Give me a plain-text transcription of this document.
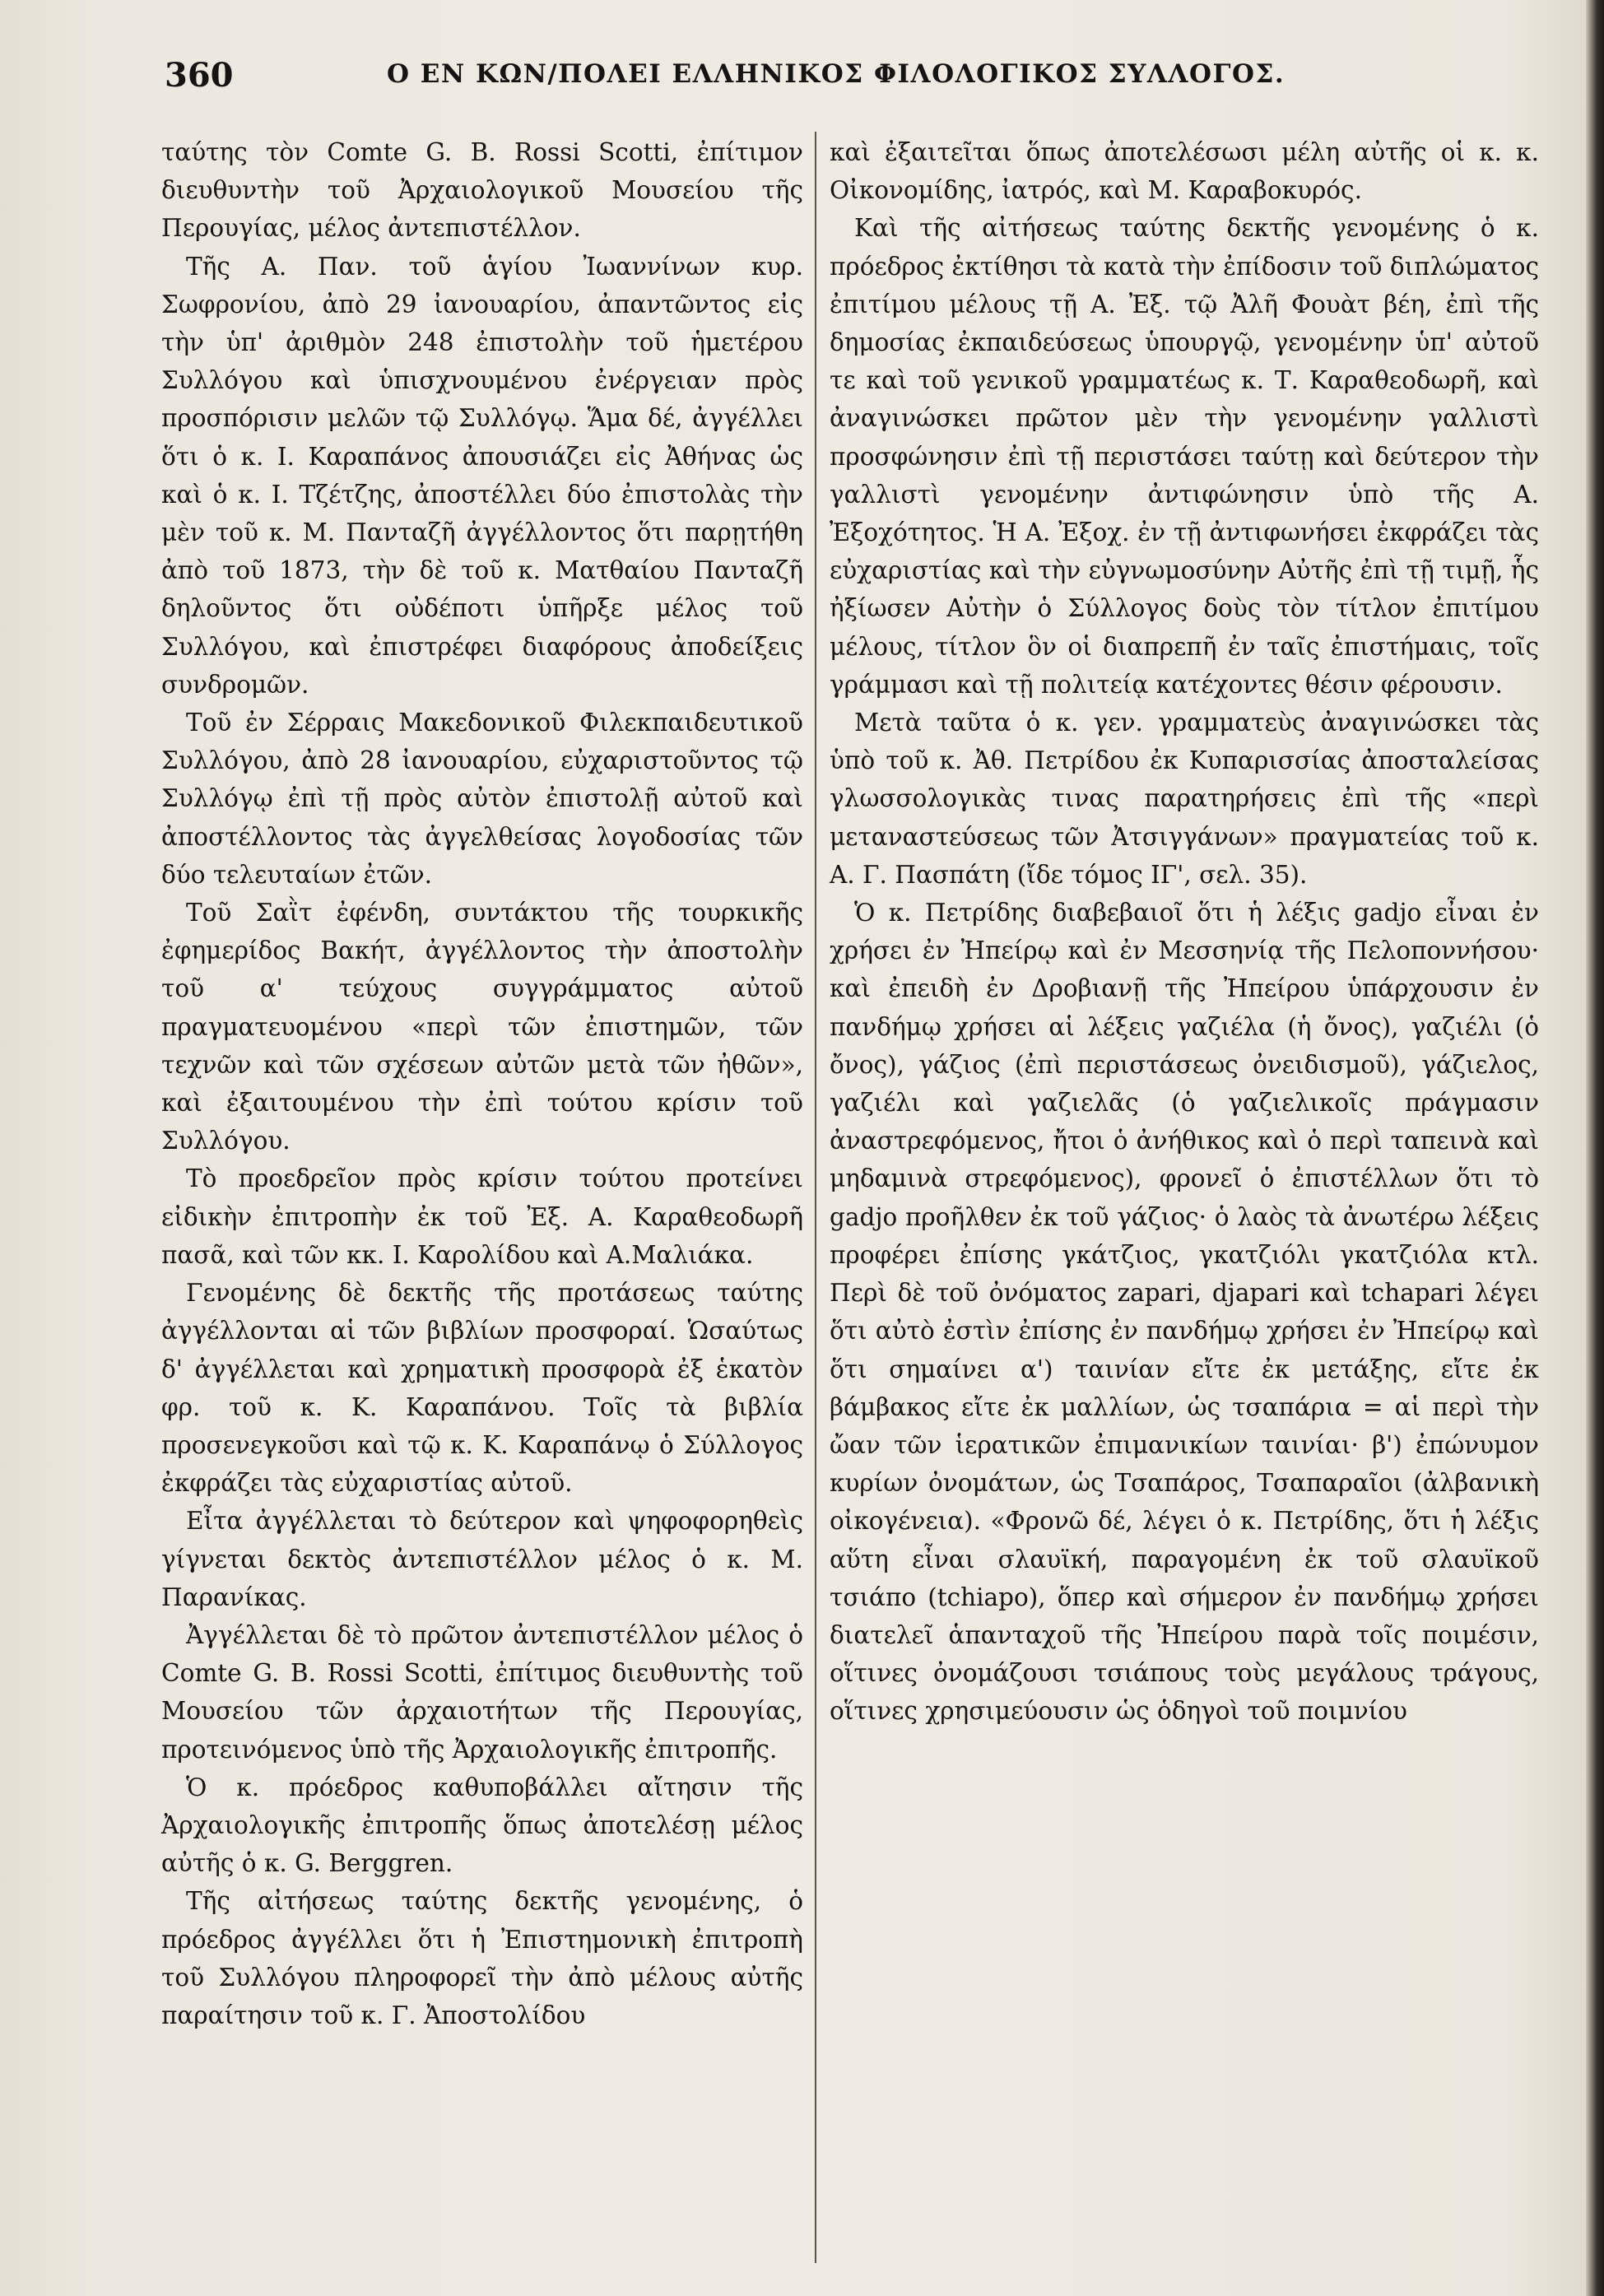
360	Ο ΕΝ ΚΩΝ/ΠΟΛΕΙ ΕΛΛΗΝΙΚΟΣ ΦΙΛΟΛΟΓΙΚΟΣ ΣΥΛΛΟΓΟΣ.

ταύτης τὸν Comte G. B. Rossi Scotti, ἐπίτιμον διευθυντὴν τοῦ Ἀρχαιολογικοῦ Μουσείου τῆς Περουγίας, μέλος ἀντεπιστέλλον.

Τῆς Α. Παν. τοῦ ἁγίου Ἰωαννίνων κυρ. Σωφρονίου, ἀπὸ 29 ἰανουαρίου, ἀπαντῶντος εἰς τὴν ὑπ' ἀριθμὸν 248 ἐπιστολὴν τοῦ ἡμετέρου Συλλόγου καὶ ὑπισχνουμένου ἐνέργειαν πρὸς προσπόρισιν μελῶν τῷ Συλλόγῳ. Ἅμα δέ, ἀγγέλλει ὅτι ὁ κ. Ι. Καραπάνος ἀπουσιάζει εἰς Ἀθήνας ὡς καὶ ὁ κ. Ι. Τζέτζης, ἀποστέλλει δύο ἐπιστολὰς τὴν μὲν τοῦ κ. Μ. Πανταζῆ ἀγγέλλοντος ὅτι παρῃτήθη ἀπὸ τοῦ 1873, τὴν δὲ τοῦ κ. Ματθαίου Πανταζῆ δηλοῦντος ὅτι οὐδέποτι ὑπῆρξε μέλος τοῦ Συλλόγου, καὶ ἐπιστρέφει διαφόρους ἀποδείξεις συνδρομῶν.

Τοῦ ἐν Σέρραις Μακεδονικοῦ Φιλεκπαιδευτικοῦ Συλλόγου, ἀπὸ 28 ἰανουαρίου, εὐχαριστοῦντος τῷ Συλλόγῳ ἐπὶ τῇ πρὸς αὐτὸν ἐπιστολῇ αὐτοῦ καὶ ἀποστέλλοντος τὰς ἀγγελθείσας λογοδοσίας τῶν δύο τελευταίων ἐτῶν.

Τοῦ Σαῒτ ἐφένδη, συντάκτου τῆς τουρκικῆς ἐφημερίδος Βακήτ, ἀγγέλλοντος τὴν ἀποστολὴν τοῦ α' τεύχους συγγράμματος αὐτοῦ πραγματευομένου «περὶ τῶν ἐπιστημῶν, τῶν τεχνῶν καὶ τῶν σχέσεων αὐτῶν μετὰ τῶν ἠθῶν», καὶ ἐξαιτουμένου τὴν ἐπὶ τούτου κρίσιν τοῦ Συλλόγου.

Τὸ προεδρεῖον πρὸς κρίσιν τούτου προτείνει εἰδικὴν ἐπιτροπὴν ἐκ τοῦ Ἐξ. Α. Καραθεοδωρῆ πασᾶ, καὶ τῶν κκ. Ι. Καρολίδου καὶ Α.Μαλιάκα.

Γενομένης δὲ δεκτῆς τῆς προτάσεως ταύτης ἀγγέλλονται αἱ τῶν βιβλίων προσφοραί. Ὡσαύτως δ' ἀγγέλλεται καὶ χρηματικὴ προσφορὰ ἐξ ἑκατὸν φρ. τοῦ κ. Κ. Καραπάνου. Τοῖς τὰ βιβλία προσενεγκοῦσι καὶ τῷ κ. Κ. Καραπάνῳ ὁ Σύλλογος ἐκφράζει τὰς εὐχαριστίας αὐτοῦ.

Εἶτα ἀγγέλλεται τὸ δεύτερον καὶ ψηφοφορηθεὶς γίγνεται δεκτὸς ἀντεπιστέλλον μέλος ὁ κ. Μ. Παρανίκας.

Ἀγγέλλεται δὲ τὸ πρῶτον ἀντεπιστέλλον μέλος ὁ Comte G. B. Rossi Scotti, ἐπίτιμος διευθυντὴς τοῦ Μουσείου τῶν ἀρχαιοτήτων τῆς Περουγίας, προτεινόμενος ὑπὸ τῆς Ἀρχαιολογικῆς ἐπιτροπῆς.

Ὁ κ. πρόεδρος καθυποβάλλει αἴτησιν τῆς Ἀρχαιολογικῆς ἐπιτροπῆς ὅπως ἀποτελέσῃ μέλος αὐτῆς ὁ κ. G. Berggren.

Τῆς αἰτήσεως ταύτης δεκτῆς γενομένης, ὁ πρόεδρος ἀγγέλλει ὅτι ἡ Ἐπιστημονικὴ ἐπιτροπὴ τοῦ Συλλόγου πληροφορεῖ τὴν ἀπὸ μέλους αὐτῆς παραίτησιν τοῦ κ. Γ. Ἀποστολίδου

καὶ ἐξαιτεῖται ὅπως ἀποτελέσωσι μέλη αὐτῆς οἱ κ. κ. Οἰκονομίδης, ἰατρός, καὶ Μ. Καραβοκυρός.

Καὶ τῆς αἰτήσεως ταύτης δεκτῆς γενομένης ὁ κ. πρόεδρος ἐκτίθησι τὰ κατὰ τὴν ἐπίδοσιν τοῦ διπλώματος ἐπιτίμου μέλους τῇ Α. Ἐξ. τῷ Ἀλῆ Φουὰτ βέη, ἐπὶ τῆς δημοσίας ἐκπαιδεύσεως ὑπουργῷ, γενομένην ὑπ' αὐτοῦ τε καὶ τοῦ γενικοῦ γραμματέως κ. Τ. Καραθεοδωρῆ, καὶ ἀναγινώσκει πρῶτον μὲν τὴν γενομένην γαλλιστὶ προσφώνησιν ἐπὶ τῇ περιστάσει ταύτῃ καὶ δεύτερον τὴν γαλλιστὶ γενομένην ἀντιφώνησιν ὑπὸ τῆς Α. Ἐξοχότητος. Ἡ Α. Ἐξοχ. ἐν τῇ ἀντιφωνήσει ἐκφράζει τὰς εὐχαριστίας καὶ τὴν εὐγνωμοσύνην Αὐτῆς ἐπὶ τῇ τιμῇ, ἧς ἠξίωσεν Αὐτὴν ὁ Σύλλογος δοὺς τὸν τίτλον ἐπιτίμου μέλους, τίτλον ὃν οἱ διαπρεπῆ ἐν ταῖς ἐπιστήμαις, τοῖς γράμμασι καὶ τῇ πολιτείᾳ κατέχοντες θέσιν φέρουσιν.

Μετὰ ταῦτα ὁ κ. γεν. γραμματεὺς ἀναγινώσκει τὰς ὑπὸ τοῦ κ. Ἀθ. Πετρίδου ἐκ Κυπαρισσίας ἀποσταλείσας γλωσσολογικὰς τινας παρατηρήσεις ἐπὶ τῆς «περὶ μεταναστεύσεως τῶν Ἀτσιγγάνων» πραγματείας τοῦ κ. Α. Γ. Πασπάτη (ἴδε τόμος ΙΓ', σελ. 35).

Ὁ κ. Πετρίδης διαβεβαιοῖ ὅτι ἡ λέξις gadjo εἶναι ἐν χρήσει ἐν Ἠπείρῳ καὶ ἐν Μεσσηνίᾳ τῆς Πελοποννήσου· καὶ ἐπειδὴ ἐν Δροβιανῇ τῆς Ἠπείρου ὑπάρχουσιν ἐν πανδήμῳ χρήσει αἱ λέξεις γαζιέλα (ἡ ὄνος), γαζιέλι (ὁ ὄνος), γάζιος (ἐπὶ περιστάσεως ὀνειδισμοῦ), γάζιελος, γαζιέλι καὶ γαζιελᾶς (ὁ γαζιελικοῖς πράγμασιν ἀναστρεφόμενος, ἤτοι ὁ ἀνήθικος καὶ ὁ περὶ ταπεινὰ καὶ μηδαμινὰ στρεφόμενος), φρονεῖ ὁ ἐπιστέλλων ὅτι τὸ gadjo προῆλθεν ἐκ τοῦ γάζιος· ὁ λαὸς τὰ ἀνωτέρω λέξεις προφέρει ἐπίσης γκάτζιος, γκατζιόλι γκατζιόλα κτλ. Περὶ δὲ τοῦ ὀνόματος zapari, djapari καὶ tchapari λέγει ὅτι αὐτὸ ἐστὶν ἐπίσης ἐν πανδήμῳ χρήσει ἐν Ἠπείρῳ καὶ ὅτι σημαίνει α') ταινίαν εἴτε ἐκ μετάξης, εἴτε ἐκ βάμβακος εἴτε ἐκ μαλλίων, ὡς τσαπάρια = αἱ περὶ τὴν ὤαν τῶν ἱερατικῶν ἐπιμανικίων ταινίαι· β') ἐπώνυμον κυρίων ὀνομάτων, ὡς Τσαπάρος, Τσαπαραῖοι (ἀλβανικὴ οἰκογένεια). «Φρονῶ δέ, λέγει ὁ κ. Πετρίδης, ὅτι ἡ λέξις αὕτη εἶναι σλαυϊκή, παραγομένη ἐκ τοῦ σλαυϊκοῦ τσιάπο (tchiapo), ὅπερ καὶ σήμερον ἐν πανδήμῳ χρήσει διατελεῖ ἁπανταχοῦ τῆς Ἠπείρου παρὰ τοῖς ποιμέσιν, οἵτινες ὀνομάζουσι τσιάπους τοὺς μεγάλους τράγους, οἵτινες χρησιμεύουσιν ὡς ὁδηγοὶ τοῦ ποιμνίου
